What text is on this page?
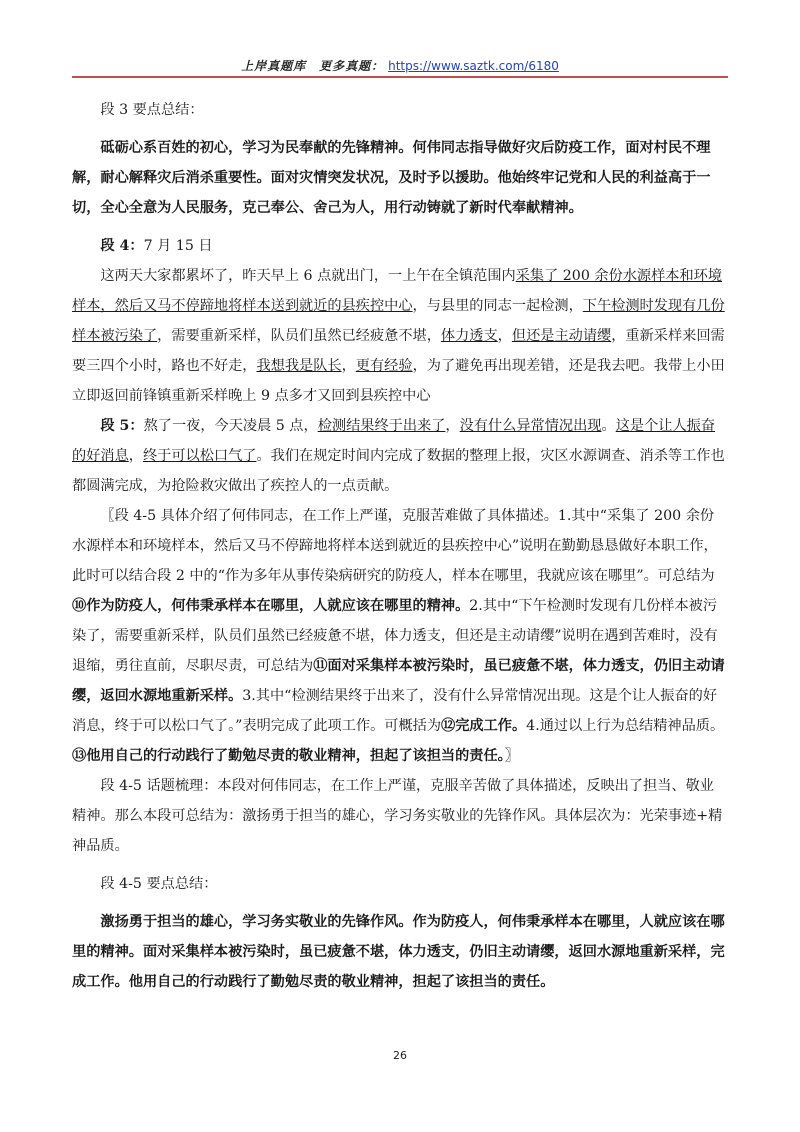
上岸真题库　更多真题： https://www.saztk.com/6180

段 3 要点总结：

砥砺心系百姓的初心，学习为民奉献的先锋精神。何伟同志指导做好灾后防疫工作，面对村民不理解，耐心解释灾后消杀重要性。面对灾情突发状况，及时予以援助。他始终牢记党和人民的利益高于一切，全心全意为人民服务，克己奉公、舍己为人，用行动铸就了新时代奉献精神。

段 4：7 月 15 日

这两天大家都累坏了，昨天早上 6 点就出门，一上午在全镇范围内采集了 200 余份水源样本和环境样本，然后又马不停蹄地将样本送到就近的县疾控中心，与县里的同志一起检测，下午检测时发现有几份样本被污染了，需要重新采样，队员们虽然已经疲惫不堪，体力透支，但还是主动请缨，重新采样来回需要三四个小时，路也不好走，我想我是队长，更有经验，为了避免再出现差错，还是我去吧。我带上小田立即返回前锋镇重新采样晚上 9 点多才又回到县疾控中心

段 5：熬了一夜，今天凌晨 5 点，检测结果终于出来了，没有什么异常情况出现。这是个让人振奋的好消息，终于可以松口气了。我们在规定时间内完成了数据的整理上报，灾区水源调查、消杀等工作也都圆满完成，为抢险救灾做出了疾控人的一点贡献。

〖段 4-5 具体介绍了何伟同志，在工作上严谨，克服苦难做了具体描述。1.其中“采集了 200 余份水源样本和环境样本，然后又马不停蹄地将样本送到就近的县疾控中心”说明在勤勤恳恳做好本职工作，此时可以结合段 2 中的“作为多年从事传染病研究的防疫人，样本在哪里，我就应该在哪里”。可总结为⑩作为防疫人，何伟秉承样本在哪里，人就应该在哪里的精神。2.其中“下午检测时发现有几份样本被污染了，需要重新采样，队员们虽然已经疲惫不堪，体力透支，但还是主动请缨”说明在遇到苦难时，没有退缩，勇往直前，尽职尽责，可总结为⑪面对采集样本被污染时，虽已疲惫不堪，体力透支，仍旧主动请缨，返回水源地重新采样。3.其中“检测结果终于出来了，没有什么异常情况出现。这是个让人振奋的好消息，终于可以松口气了。”表明完成了此项工作。可概括为⑫完成工作。4.通过以上行为总结精神品质。⑬他用自己的行动践行了勤勉尽责的敬业精神，担起了该担当的责任。〗

段 4-5 话题梳理：本段对何伟同志，在工作上严谨，克服辛苦做了具体描述，反映出了担当、敬业精神。那么本段可总结为：激扬勇于担当的雄心，学习务实敬业的先锋作风。具体层次为：光荣事迹+精神品质。

段 4-5 要点总结：

激扬勇于担当的雄心，学习务实敬业的先锋作风。作为防疫人，何伟秉承样本在哪里，人就应该在哪里的精神。面对采集样本被污染时，虽已疲惫不堪，体力透支，仍旧主动请缨，返回水源地重新采样，完成工作。他用自己的行动践行了勤勉尽责的敬业精神，担起了该担当的责任。

26
